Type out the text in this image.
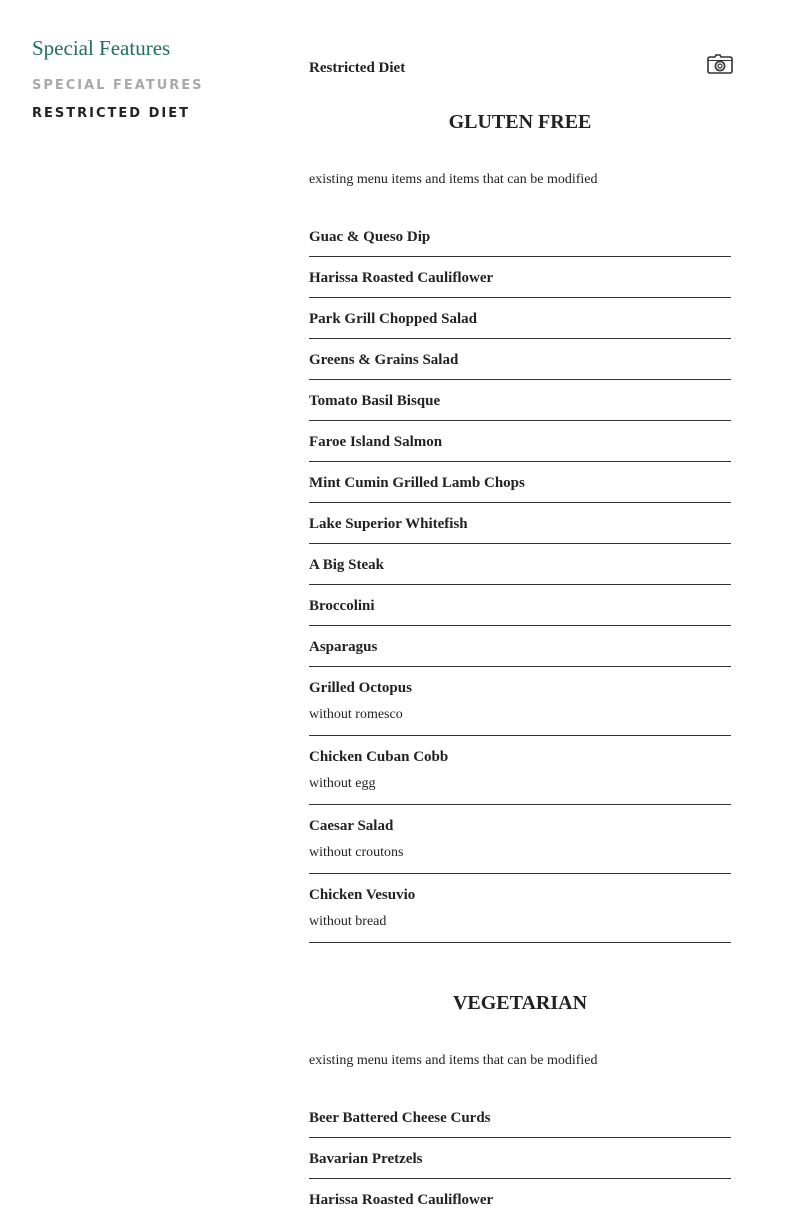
Special Features
SPECIAL FEATURES
RESTRICTED DIET
Restricted Diet
GLUTEN FREE
existing menu items and items that can be modified
Guac & Queso Dip
Harissa Roasted Cauliflower
Park Grill Chopped Salad
Greens & Grains Salad
Tomato Basil Bisque
Faroe Island Salmon
Mint Cumin Grilled Lamb Chops
Lake Superior Whitefish
A Big Steak
Broccolini
Asparagus
Grilled Octopus
without romesco
Chicken Cuban Cobb
without egg
Caesar Salad
without croutons
Chicken Vesuvio
without bread
VEGETARIAN
existing menu items and items that can be modified
Beer Battered Cheese Curds
Bavarian Pretzels
Harissa Roasted Cauliflower
